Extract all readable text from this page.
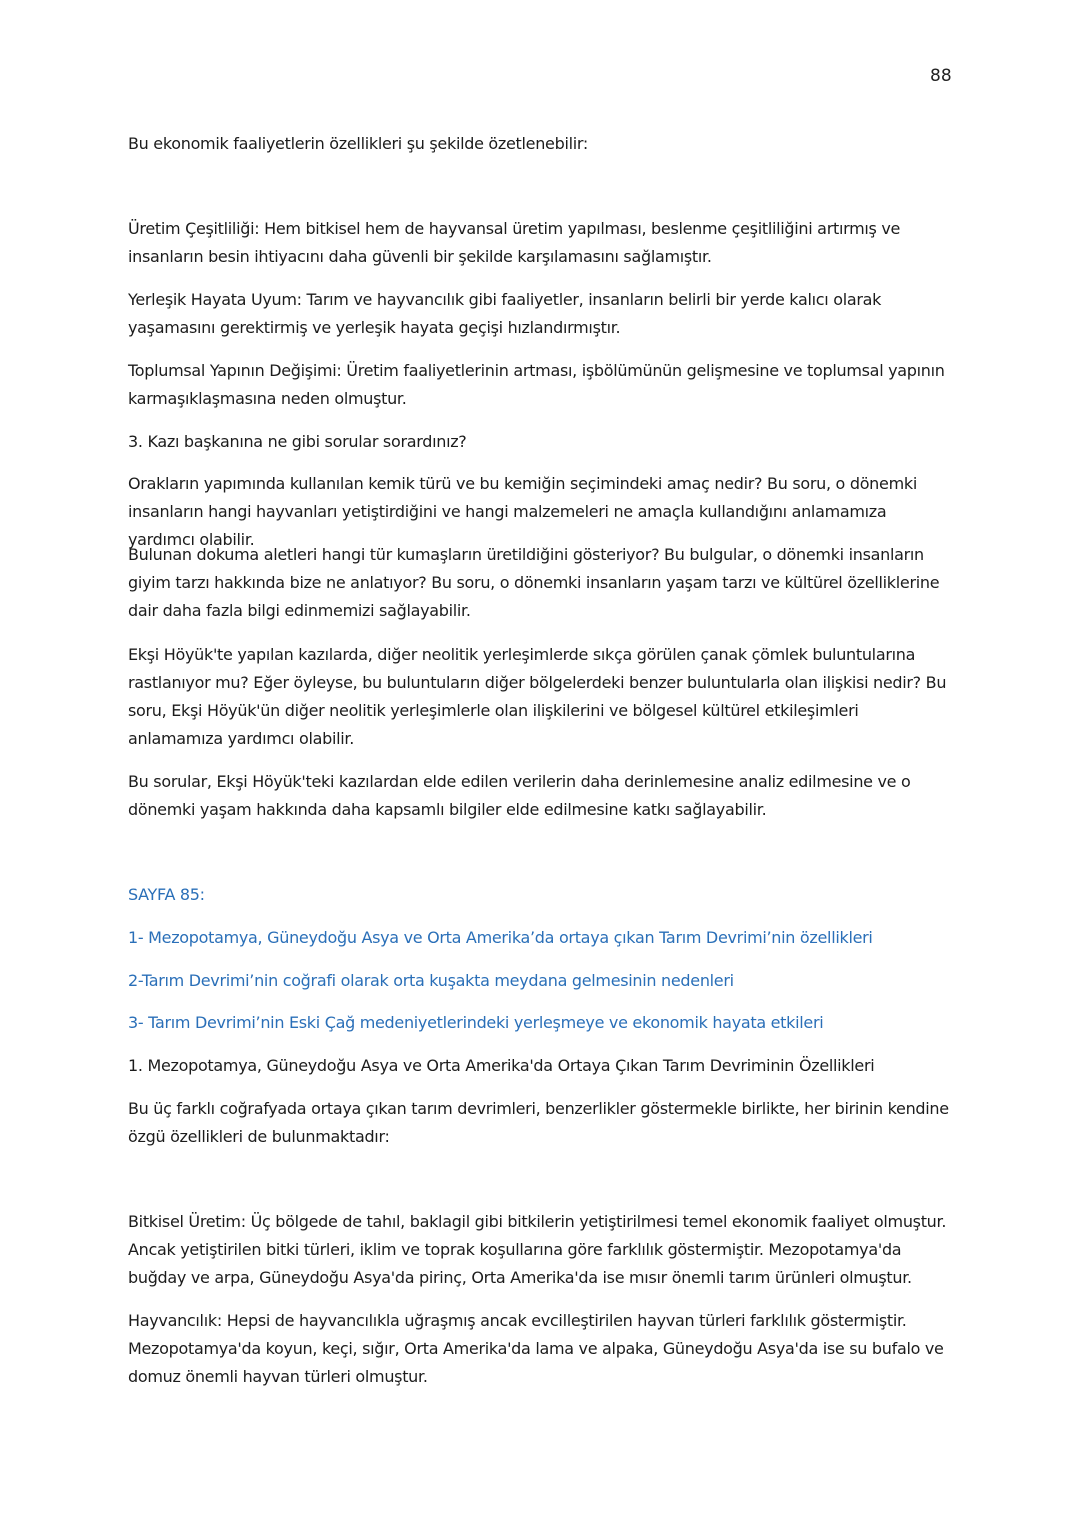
88

Bu ekonomik faaliyetlerin özellikleri şu şekilde özetlenebilir:

Üretim Çeşitliliği: Hem bitkisel hem de hayvansal üretim yapılması, beslenme çeşitliliğini artırmış ve insanların besin ihtiyacını daha güvenli bir şekilde karşılamasını sağlamıştır.

Yerleşik Hayata Uyum: Tarım ve hayvancılık gibi faaliyetler, insanların belirli bir yerde kalıcı olarak yaşamasını gerektirmiş ve yerleşik hayata geçişi hızlandırmıştır.

Toplumsal Yapının Değişimi: Üretim faaliyetlerinin artması, işbölümünün gelişmesine ve toplumsal yapının karmaşıklaşmasına neden olmuştur.

3. Kazı başkanına ne gibi sorular sorardınız?

Orakların yapımında kullanılan kemik türü ve bu kemiğin seçimindeki amaç nedir? Bu soru, o dönemki insanların hangi hayvanları yetiştirdiğini ve hangi malzemeleri ne amaçla kullandığını anlamamıza yardımcı olabilir.

Bulunan dokuma aletleri hangi tür kumaşların üretildiğini gösteriyor? Bu bulgular, o dönemki insanların giyim tarzı hakkında bize ne anlatıyor? Bu soru, o dönemki insanların yaşam tarzı ve kültürel özelliklerine dair daha fazla bilgi edinmemizi sağlayabilir.

Ekşi Höyük'te yapılan kazılarda, diğer neolitik yerleşimlerde sıkça görülen çanak çömlek buluntularına rastlanıyor mu? Eğer öyleyse, bu buluntuların diğer bölgelerdeki benzer buluntularla olan ilişkisi nedir? Bu soru, Ekşi Höyük'ün diğer neolitik yerleşimlerle olan ilişkilerini ve bölgesel kültürel etkileşimleri anlamamıza yardımcı olabilir.

Bu sorular, Ekşi Höyük'teki kazılardan elde edilen verilerin daha derinlemesine analiz edilmesine ve o dönemki yaşam hakkında daha kapsamlı bilgiler elde edilmesine katkı sağlayabilir.

SAYFA 85:

1- Mezopotamya, Güneydoğu Asya ve Orta Amerika’da ortaya çıkan Tarım Devrimi’nin özellikleri

2-Tarım Devrimi’nin coğrafi olarak orta kuşakta meydana gelmesinin nedenleri

3- Tarım Devrimi’nin Eski Çağ medeniyetlerindeki yerleşmeye ve ekonomik hayata etkileri

1. Mezopotamya, Güneydoğu Asya ve Orta Amerika'da Ortaya Çıkan Tarım Devriminin Özellikleri

Bu üç farklı coğrafyada ortaya çıkan tarım devrimleri, benzerlikler göstermekle birlikte, her birinin kendine özgü özellikleri de bulunmaktadır:

Bitkisel Üretim: Üç bölgede de tahıl, baklagil gibi bitkilerin yetiştirilmesi temel ekonomik faaliyet olmuştur. Ancak yetiştirilen bitki türleri, iklim ve toprak koşullarına göre farklılık göstermiştir. Mezopotamya'da buğday ve arpa, Güneydoğu Asya'da pirinç, Orta Amerika'da ise mısır önemli tarım ürünleri olmuştur.

Hayvancılık: Hepsi de hayvancılıkla uğraşmış ancak evcilleştirilen hayvan türleri farklılık göstermiştir. Mezopotamya'da koyun, keçi, sığır, Orta Amerika'da lama ve alpaka, Güneydoğu Asya'da ise su bufalo ve domuz önemli hayvan türleri olmuştur.
